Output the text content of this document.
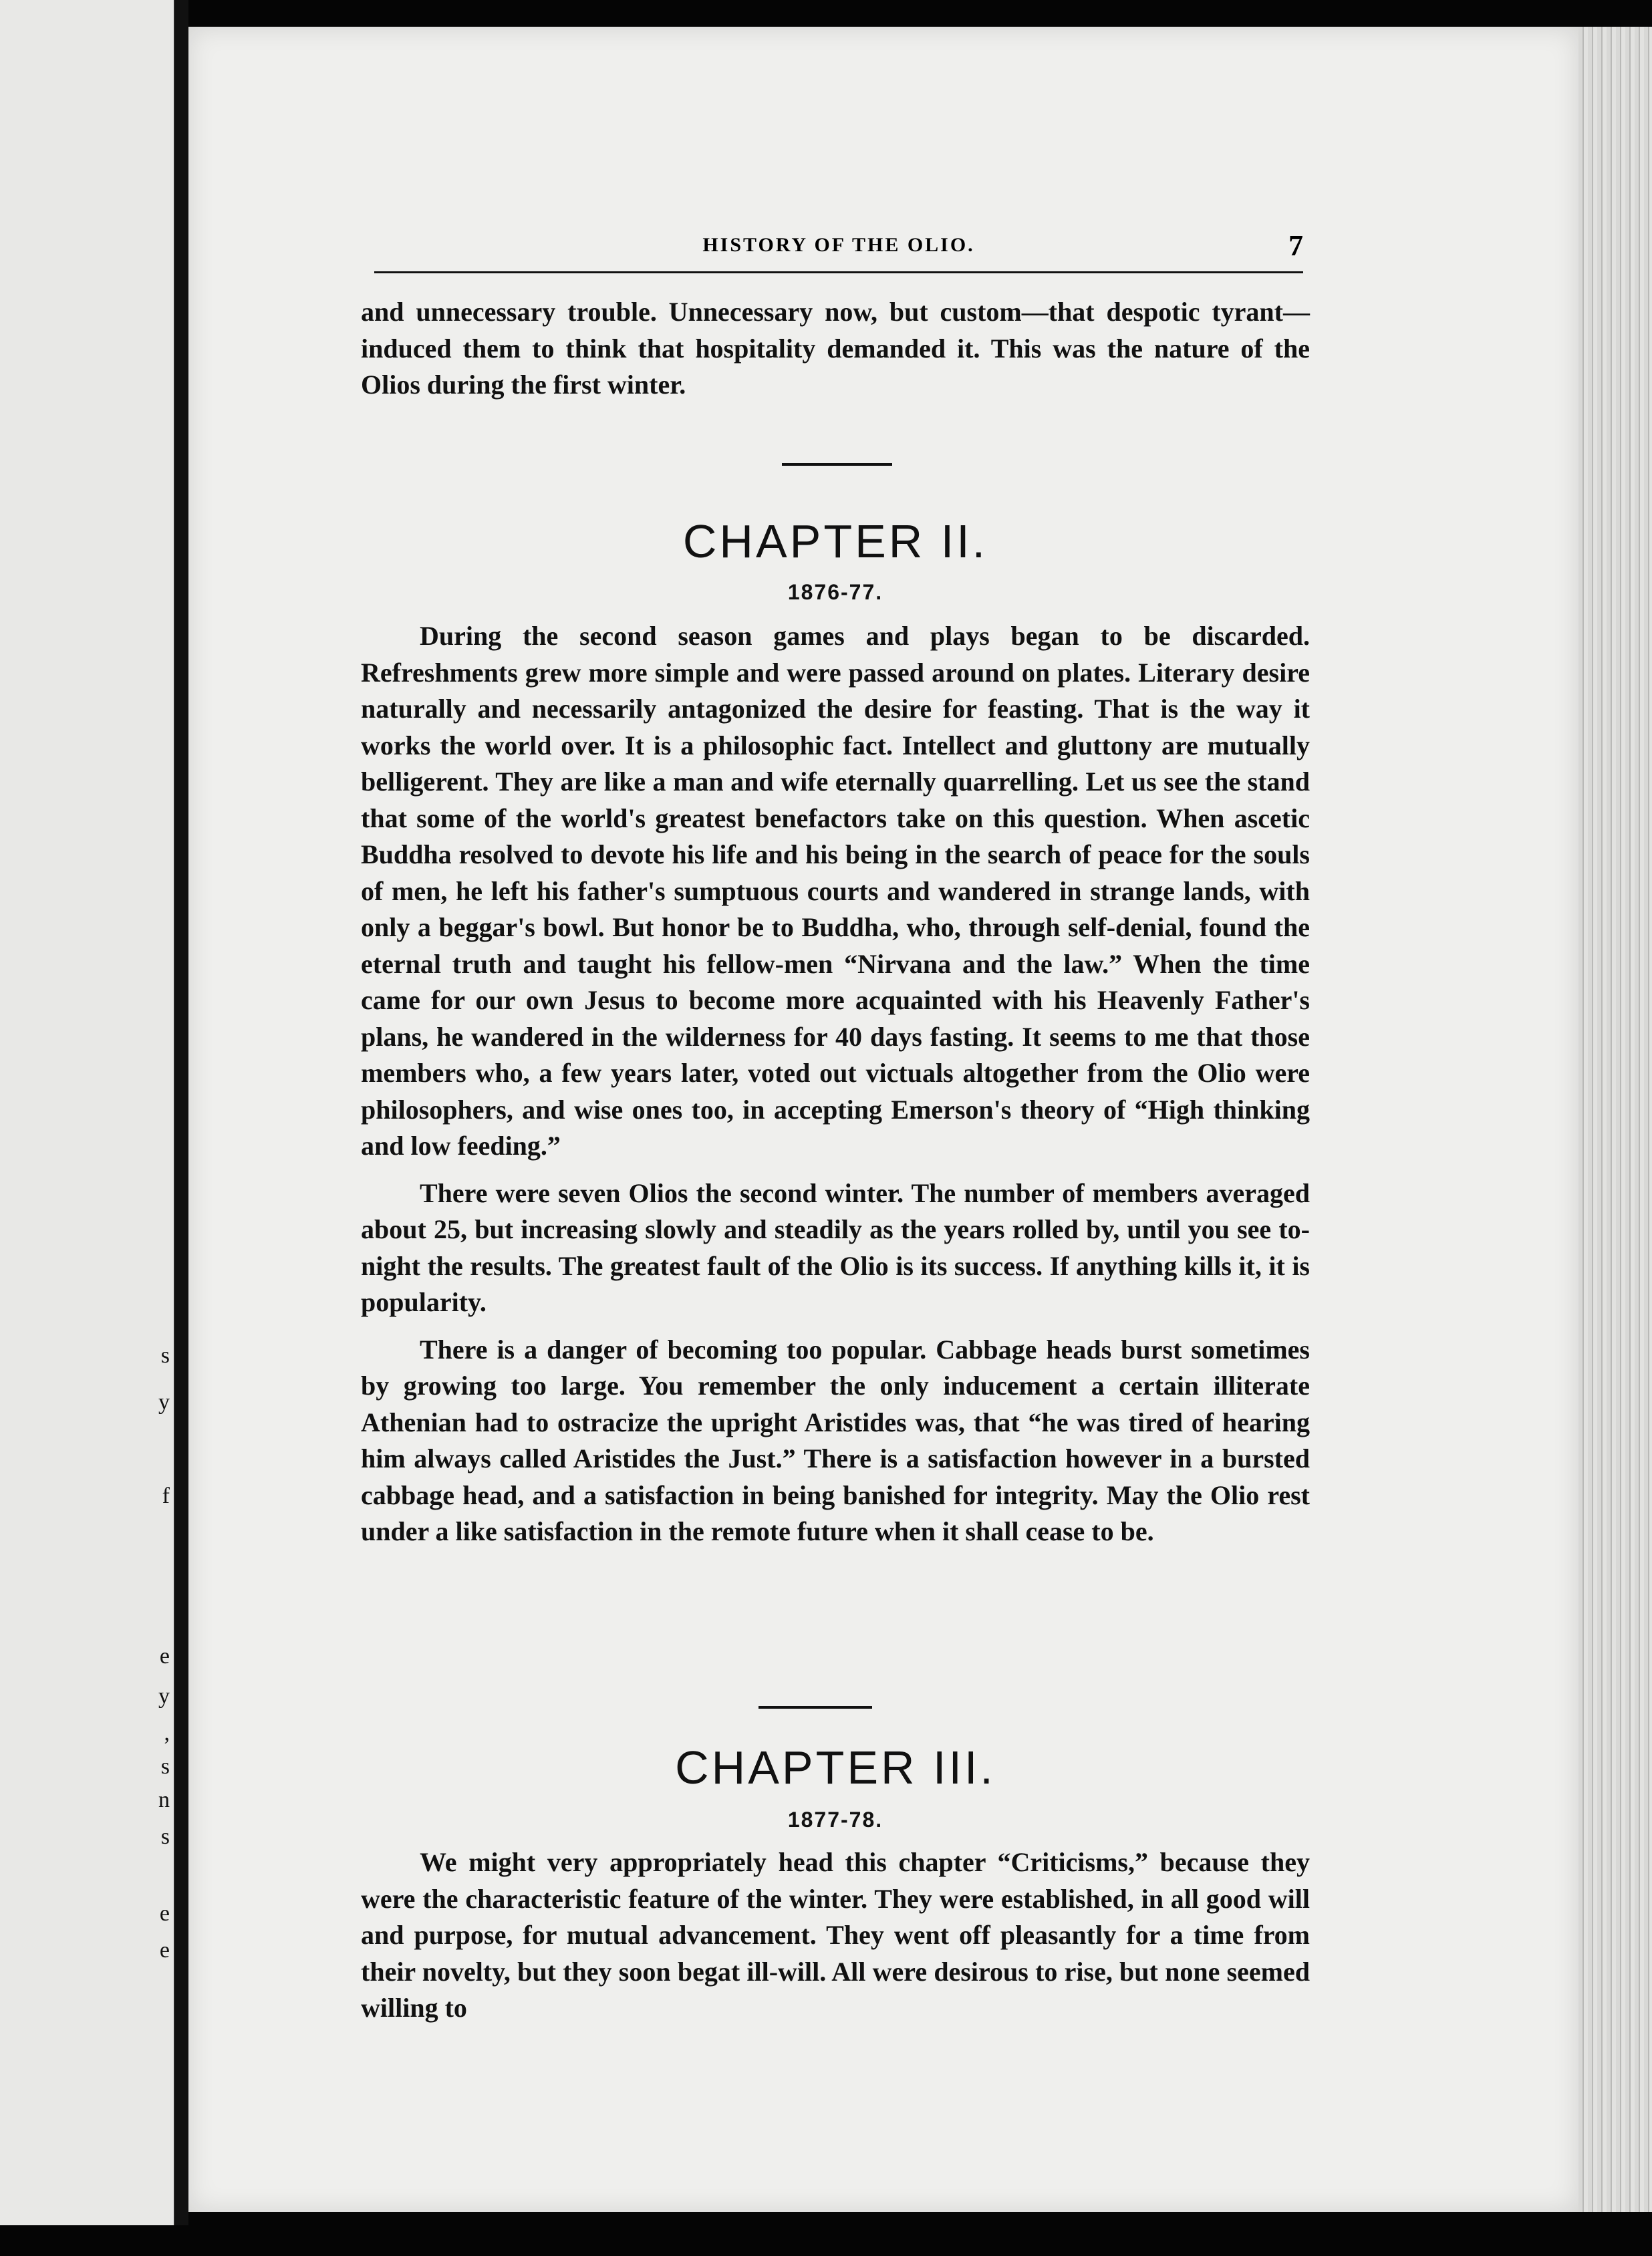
s
y
f
e
y
,
s
n
s
e
e
HISTORY OF THE OLIO.	7

and unnecessary trouble. Unnecessary now, but custom—that despotic tyrant—induced them to think that hospitality demanded it. This was the nature of the Olios during the first winter.

CHAPTER II.
1876-77.

During the second season games and plays began to be discarded. Refreshments grew more simple and were passed around on plates. Literary desire naturally and necessarily antagonized the desire for feasting. That is the way it works the world over. It is a philosophic fact. Intellect and gluttony are mutually belligerent. They are like a man and wife eternally quarrelling. Let us see the stand that some of the world's greatest benefactors take on this question. When ascetic Buddha resolved to devote his life and his being in the search of peace for the souls of men, he left his father's sumptuous courts and wandered in strange lands, with only a beggar's bowl. But honor be to Buddha, who, through self-denial, found the eternal truth and taught his fellow-men “Nirvana and the law.” When the time came for our own Jesus to become more acquainted with his Heavenly Father's plans, he wandered in the wilderness for 40 days fasting. It seems to me that those members who, a few years later, voted out victuals altogether from the Olio were philosophers, and wise ones too, in accepting Emerson's theory of “High thinking and low feeding.”

There were seven Olios the second winter. The number of members averaged about 25, but increasing slowly and steadily as the years rolled by, until you see to-night the results. The greatest fault of the Olio is its success. If anything kills it, it is popularity.

There is a danger of becoming too popular. Cabbage heads burst sometimes by growing too large. You remember the only inducement a certain illiterate Athenian had to ostracize the upright Aristides was, that “he was tired of hearing him always called Aristides the Just.” There is a satisfaction however in a bursted cabbage head, and a satisfaction in being banished for integrity. May the Olio rest under a like satisfaction in the remote future when it shall cease to be.

CHAPTER III.
1877-78.

We might very appropriately head this chapter “Criticisms,” because they were the characteristic feature of the winter. They were established, in all good will and purpose, for mutual advancement. They went off pleasantly for a time from their novelty, but they soon begat ill-will. All were desirous to rise, but none seemed willing to
